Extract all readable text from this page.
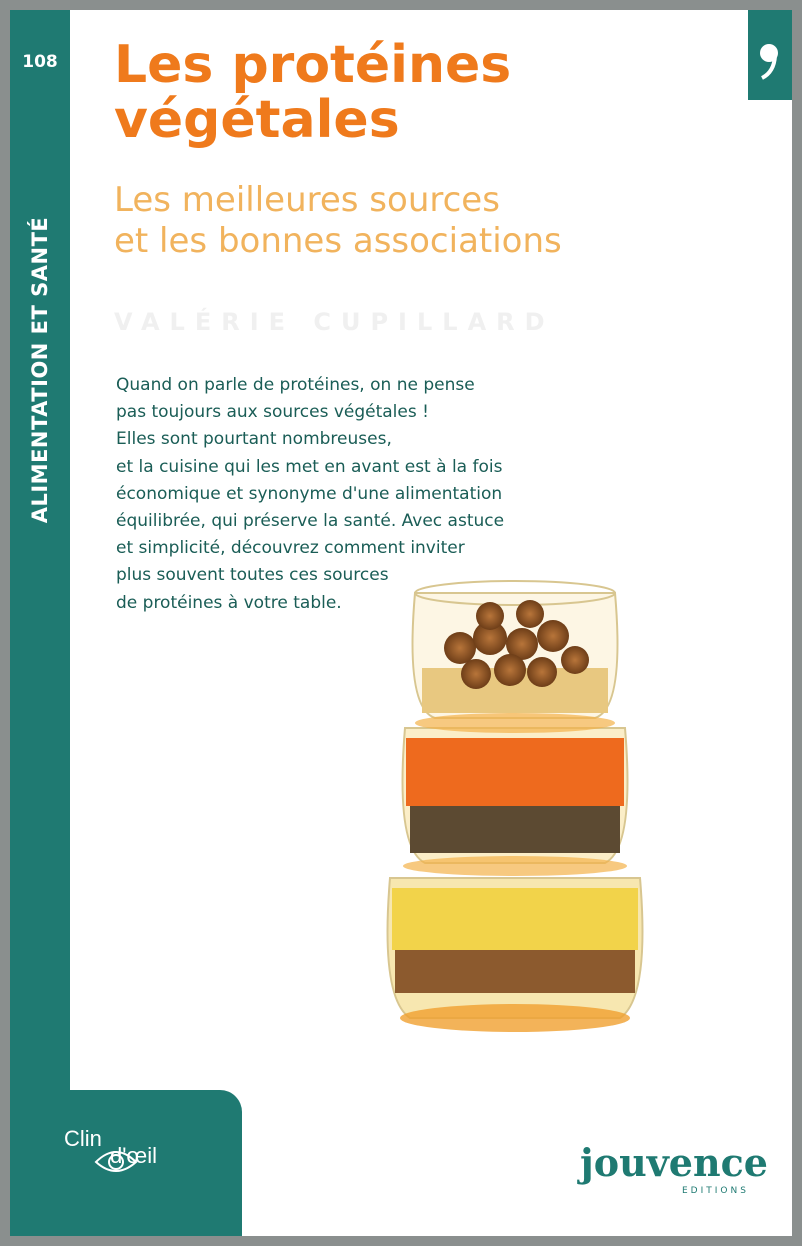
108
ALIMENTATION ET SANTÉ
Les protéines
végétales
Les meilleures sources
et les bonnes associations
VALÉRIE CUPILLARD
Quand on parle de protéines, on ne pense
pas toujours aux sources végétales !
Elles sont pourtant nombreuses,
et la cuisine qui les met en avant est à la fois
économique et synonyme d'une alimentation
équilibrée, qui préserve la santé. Avec astuce
et simplicité, découvrez comment inviter
plus souvent toutes ces sources
de protéines à votre table.
Clin
d'œil	jouvence
EDITIONS
